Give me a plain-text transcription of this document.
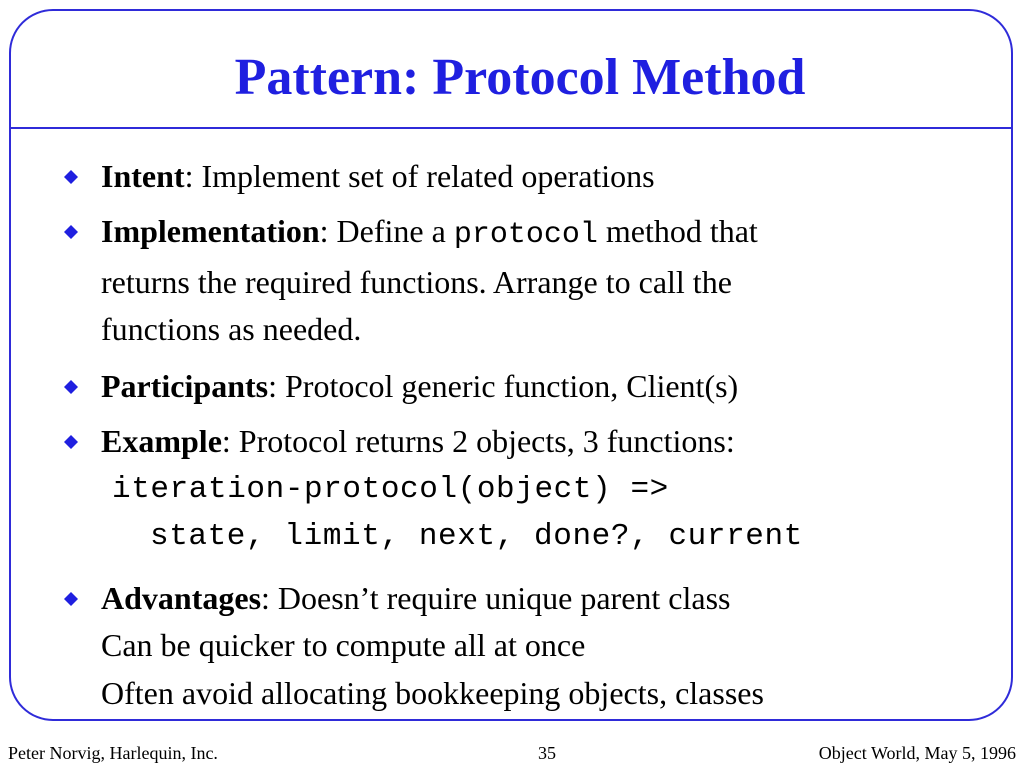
Pattern: Protocol Method
Intent: Implement set of related operations
Implementation: Define a protocol method that
returns the required functions. Arrange to call the
functions as needed.
Participants: Protocol generic function, Client(s)
Example: Protocol returns 2 objects, 3 functions:
iteration-protocol(object) =>
state, limit, next, done?, current
Advantages: Doesn’t require unique parent class
Can be quicker to compute all at once
Often avoid allocating bookkeeping objects, classes
Peter Norvig, Harlequin, Inc.	35	Object World, May 5, 1996
